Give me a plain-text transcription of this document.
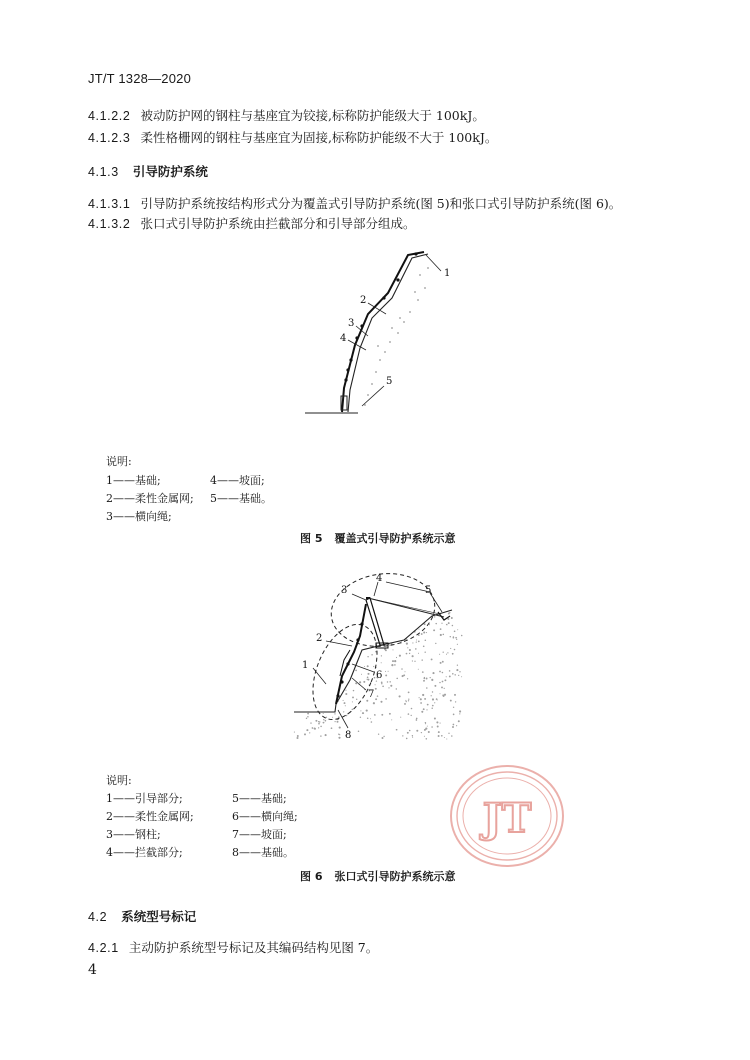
JT/T 1328—2020
4.1.2.2 被动防护网的钢柱与基座宜为铰接,标称防护能级大于 100kJ。
4.1.2.3 柔性格栅网的钢柱与基座宜为固接,标称防护能级不大于 100kJ。
4.1.3 引导防护系统
4.1.3.1 引导防护系统按结构形式分为覆盖式引导防护系统(图 5)和张口式引导防护系统(图 6)。
4.1.3.2 张口式引导防护系统由拦截部分和引导部分组成。
1
2
3
4
5
说明:
1——基础;	4——坡面;
2——柔性金属网; 5——基础。
3——横向绳;
图 5 覆盖式引导防护系统示意
1
2
3
4
5
6
7
8
JT
说明:
1——引导部分;	5——基础;
2——柔性金属网;	6——横向绳;
3——钢柱;	7——坡面;
4——拦截部分;	8——基础。
图 6 张口式引导防护系统示意
4.2 系统型号标记
4.2.1 主动防护系统型号标记及其编码结构见图 7。
4
